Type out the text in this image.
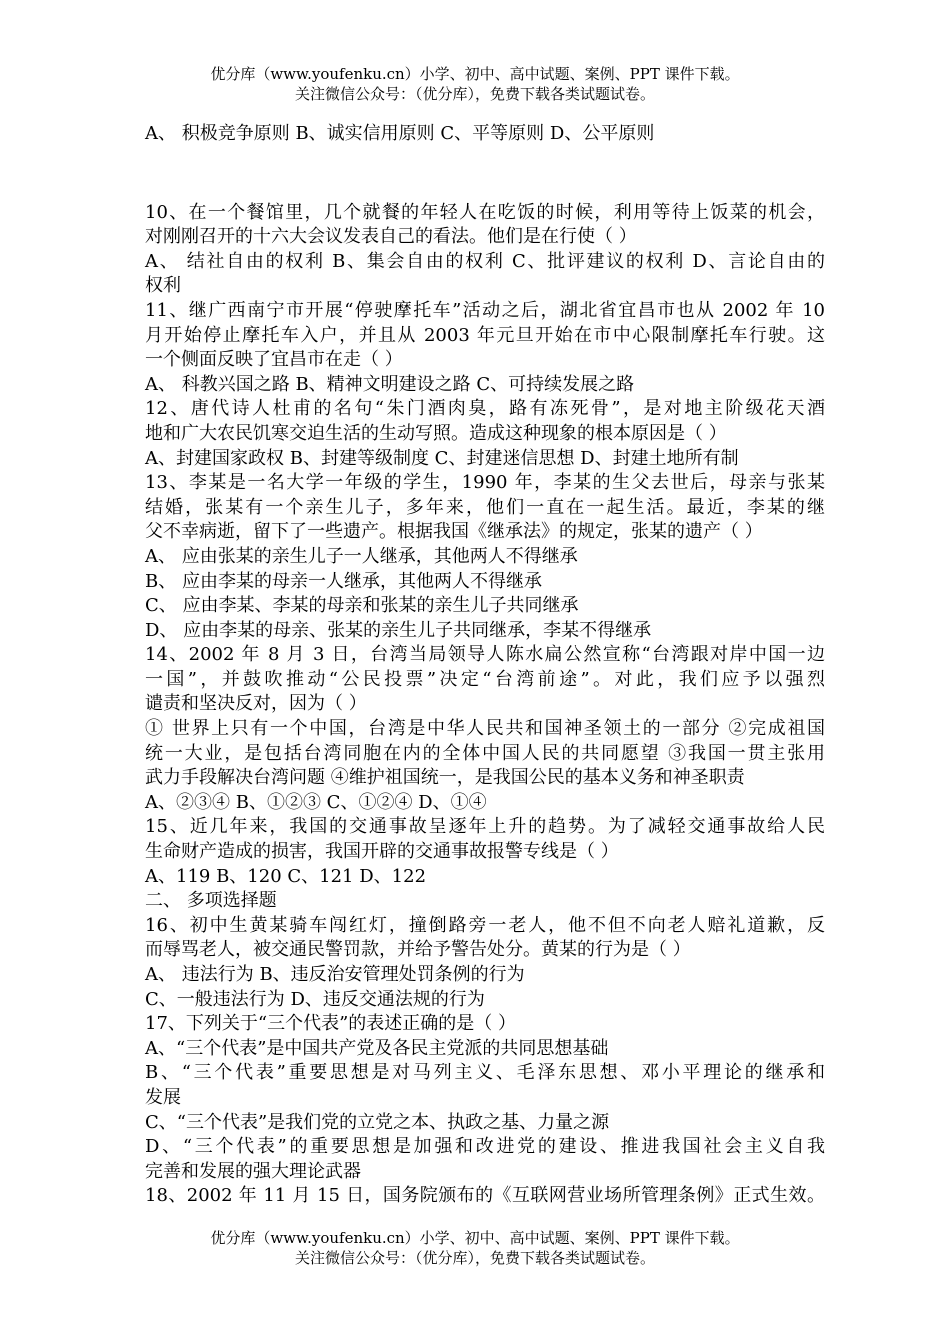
优分库（www.youfenku.cn）小学、初中、高中试题、案例、PPT 课件下载。
关注微信公众号：（优分库），免费下载各类试题试卷。

A、 积极竞争原则 B、诚实信用原则 C、平等原则 D、公平原则

10、在一个餐馆里，几个就餐的年轻人在吃饭的时候，利用等待上饭菜的机会，

对刚刚召开的十六大会议发表自己的看法。他们是在行使（ ）

A、 结社自由的权利 B、集会自由的权利 C、批评建议的权利 D、言论自由的

权利

11、继广西南宁市开展“停驶摩托车”活动之后，湖北省宜昌市也从 2002 年 10

月开始停止摩托车入户，并且从 2003 年元旦开始在市中心限制摩托车行驶。这

一个侧面反映了宜昌市在走（ ）

A、 科教兴国之路 B、精神文明建设之路 C、可持续发展之路

12、唐代诗人杜甫的名句“朱门酒肉臭，路有冻死骨”，是对地主阶级花天酒

地和广大农民饥寒交迫生活的生动写照。造成这种现象的根本原因是（ ）

A、封建国家政权 B、封建等级制度 C、封建迷信思想 D、封建土地所有制

13、李某是一名大学一年级的学生，1990 年，李某的生父去世后，母亲与张某

结婚，张某有一个亲生儿子，多年来，他们一直在一起生活。最近，李某的继

父不幸病逝，留下了一些遗产。根据我国《继承法》的规定，张某的遗产（ ）

A、 应由张某的亲生儿子一人继承，其他两人不得继承

B、 应由李某的母亲一人继承，其他两人不得继承

C、 应由李某、李某的母亲和张某的亲生儿子共同继承

D、 应由李某的母亲、张某的亲生儿子共同继承，李某不得继承

14、2002 年 8 月 3 日，台湾当局领导人陈水扁公然宣称“台湾跟对岸中国一边

一国”，并鼓吹推动“公民投票”决定“台湾前途”。对此，我们应予以强烈

谴责和坚决反对，因为（ ）

① 世界上只有一个中国，台湾是中华人民共和国神圣领土的一部分 ②完成祖国

统一大业，是包括台湾同胞在内的全体中国人民的共同愿望 ③我国一贯主张用

武力手段解决台湾问题 ④维护祖国统一，是我国公民的基本义务和神圣职责

A、②③④ B、①②③ C、①②④ D、①④

15、近几年来，我国的交通事故呈逐年上升的趋势。为了减轻交通事故给人民

生命财产造成的损害，我国开辟的交通事故报警专线是（ ）

A、119 B、120 C、121 D、122

二、 多项选择题

16、初中生黄某骑车闯红灯，撞倒路旁一老人，他不但不向老人赔礼道歉，反

而辱骂老人，被交通民警罚款，并给予警告处分。黄某的行为是（ ）

A、 违法行为 B、违反治安管理处罚条例的行为

C、一般违法行为 D、违反交通法规的行为

17、下列关于“三个代表”的表述正确的是（ ）

A、“三个代表”是中国共产党及各民主党派的共同思想基础

B、“三个代表”重要思想是对马列主义、毛泽东思想、邓小平理论的继承和

发展

C、“三个代表”是我们党的立党之本、执政之基、力量之源

D、“三个代表”的重要思想是加强和改进党的建设、推进我国社会主义自我

完善和发展的强大理论武器

18、2002 年 11 月 15 日，国务院颁布的《互联网营业场所管理条例》正式生效。

优分库（www.youfenku.cn）小学、初中、高中试题、案例、PPT 课件下载。
关注微信公众号：（优分库），免费下载各类试题试卷。
